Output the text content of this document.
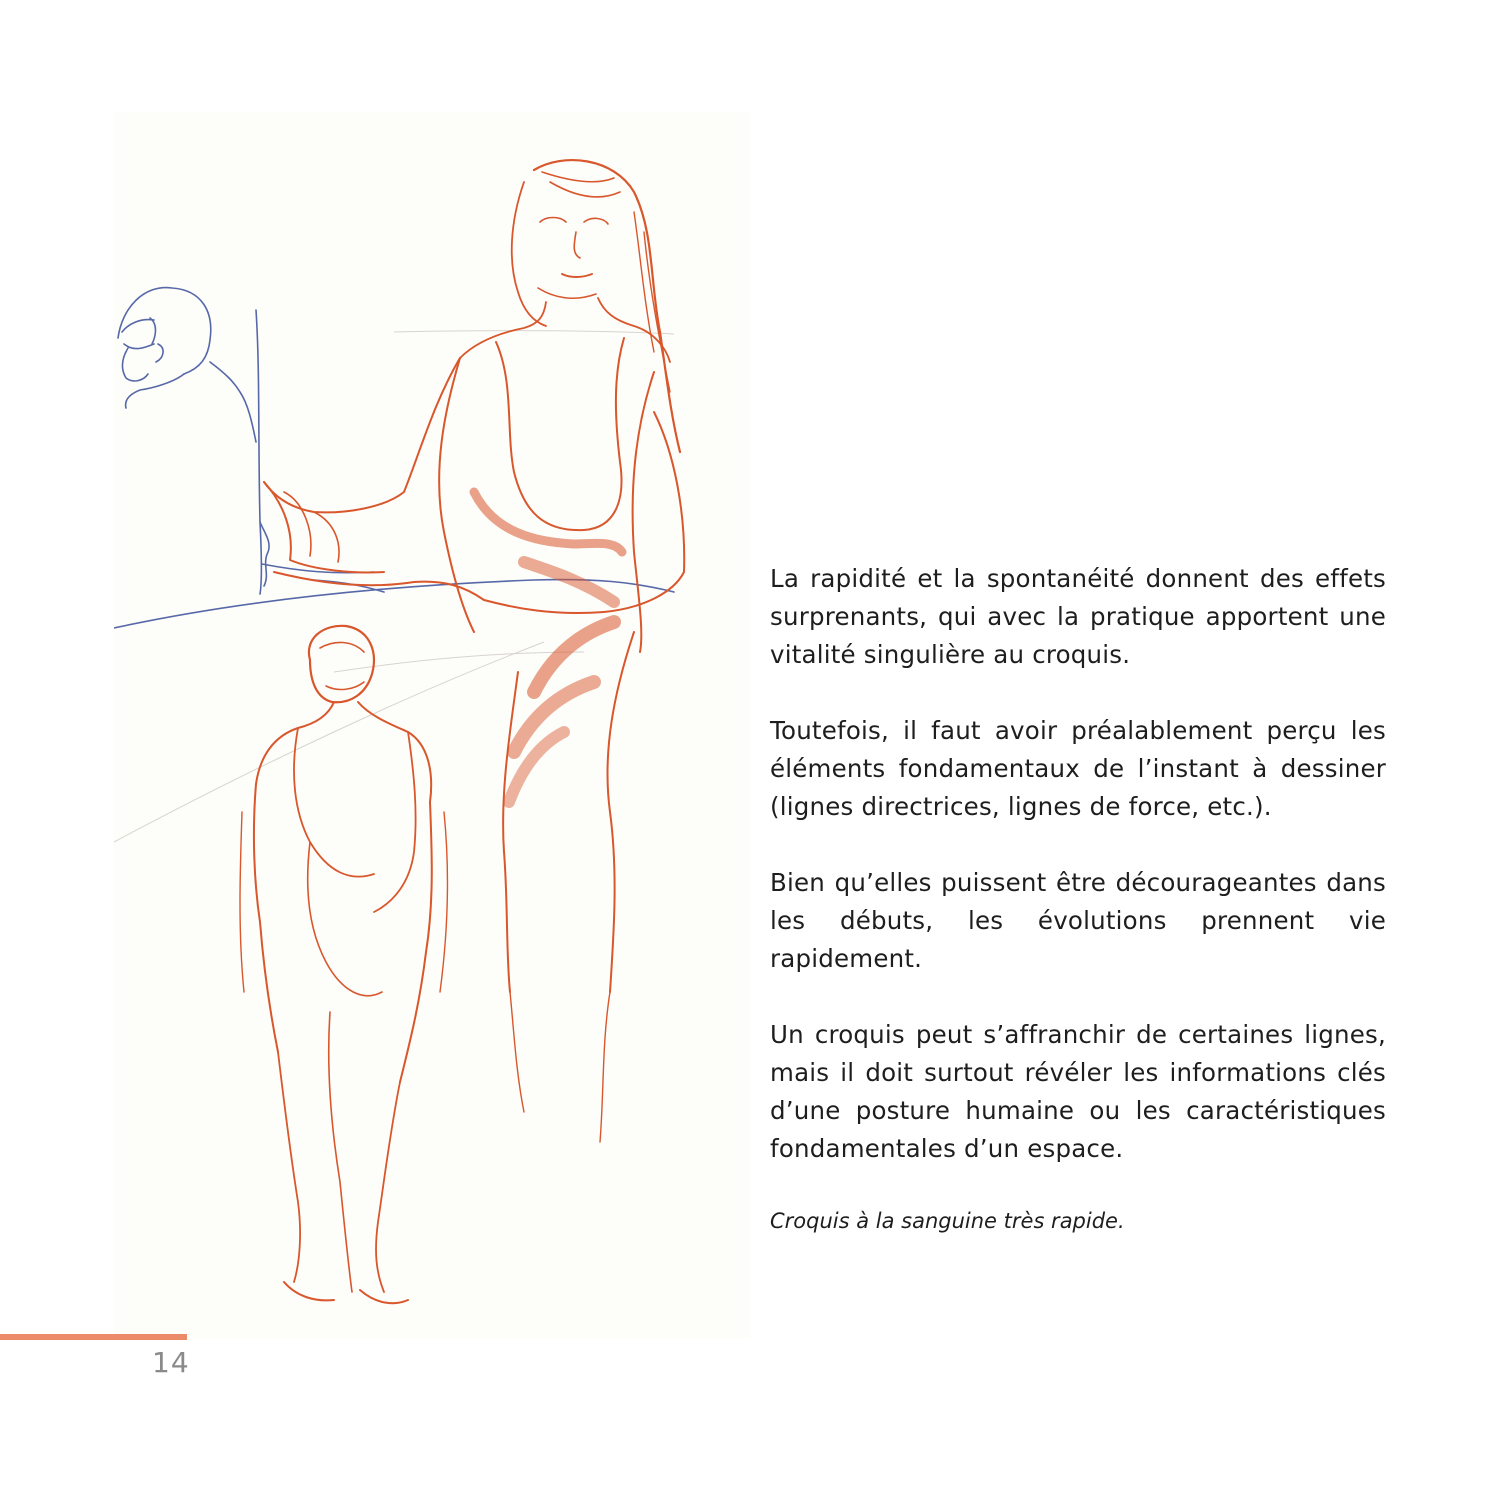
La rapidité et la spontanéité donnent des effets surprenants, qui avec la pratique apportent une vitalité singulière au croquis.

Toutefois, il faut avoir préalablement perçu les éléments fondamentaux de l’instant à dessiner (lignes directrices, lignes de force, etc.).

Bien qu’elles puissent être décourageantes dans les débuts, les évolutions prennent vie rapidement.

Un croquis peut s’affranchir de certaines lignes, mais il doit surtout révéler les informations clés d’une posture humaine ou les caractéristiques fondamentales d’un espace.

Croquis à la sanguine très rapide.

14
